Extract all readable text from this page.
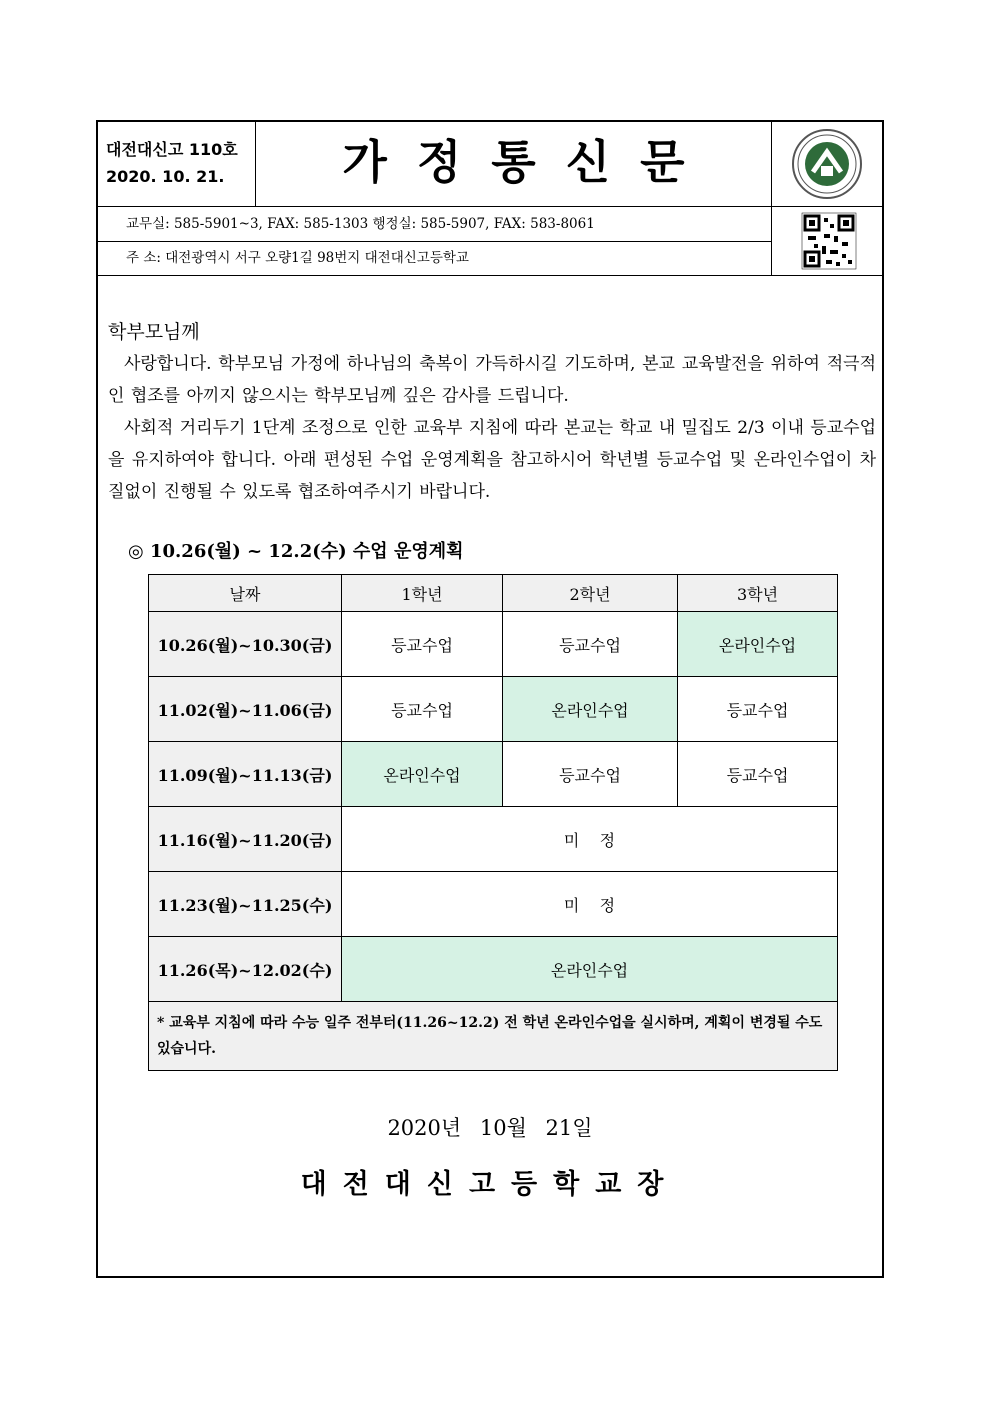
대전대신고 110호
2020. 10. 21.	가정통신문
교무실: 585-5901~3, FAX: 585-1303 행정실: 585-5907, FAX: 583-8061
주 소: 대전광역시 서구 오량1길 98번지 대전대신고등학교
학부모님께
사랑합니다. 학부모님 가정에 하나님의 축복이 가득하시길 기도하며, 본교 교육발전을 위하여 적극적인 협조를 아끼지 않으시는 학부모님께 깊은 감사를 드립니다.
사회적 거리두기 1단계 조정으로 인한 교육부 지침에 따라 본교는 학교 내 밀집도 2/3 이내 등교수업을 유지하여야 합니다. 아래 편성된 수업 운영계획을 참고하시어 학년별 등교수업 및 온라인수업이 차질없이 진행될 수 있도록 협조하여주시기 바랍니다.
◎ 10.26(월) ~ 12.2(수) 수업 운영계획
날짜	1학년	2학년	3학년
10.26(월)~10.30(금)	등교수업	등교수업	온라인수업
11.02(월)~11.06(금)	등교수업	온라인수업	등교수업
11.09(월)~11.13(금)	온라인수업	등교수업	등교수업
11.16(월)~11.20(금)	미    정		
11.23(월)~11.25(수)	미    정		
11.26(목)~12.02(수)	온라인수업		
* 교육부 지침에 따라 수능 일주 전부터(11.26~12.2) 전 학년 온라인수업을 실시하며, 계획이 변경될 수도 있습니다.			
2020년 10월 21일
대전대신고등학교장
